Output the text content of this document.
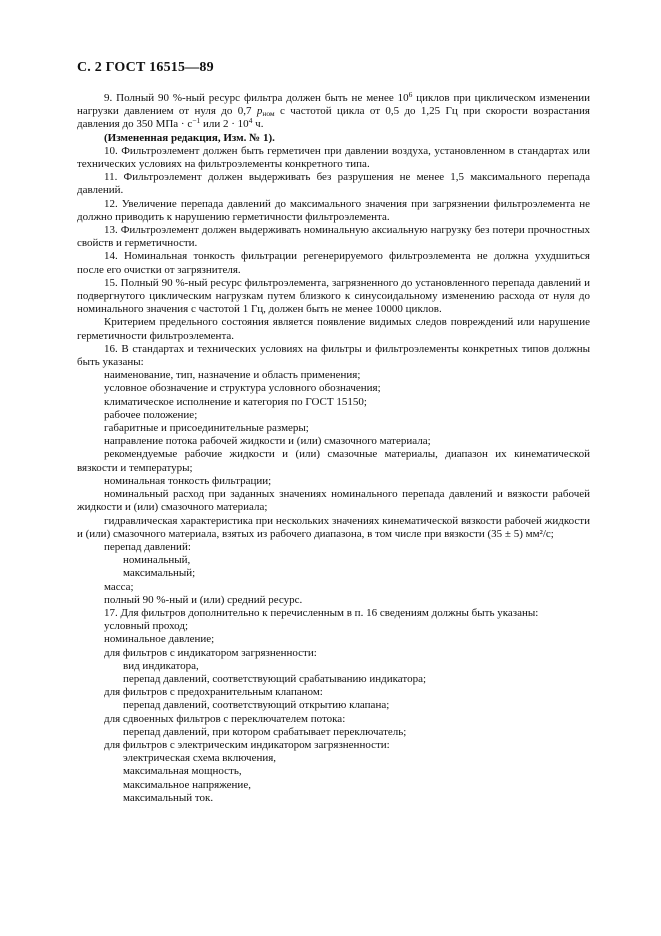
С. 2 ГОСТ 16515—89

9. Полный 90 %-ный ресурс фильтра должен быть не менее $10^6$ циклов при циклическом изменении нагрузки давлением от нуля до 0,7 $p_{ном}$ с частотой цикла от 0,5 до 1,25 Гц при скорости возрастания давления до 350 МПа · $с^{-1}$ или $2 \cdot 10^4$ ч.

(Измененная редакция, Изм. № 1).

10. Фильтроэлемент должен быть герметичен при давлении воздуха, установленном в стандартах или технических условиях на фильтроэлементы конкретного типа.

11. Фильтроэлемент должен выдерживать без разрушения не менее 1,5 максимального перепада давлений.

12. Увеличение перепада давлений до максимального значения при загрязнении фильтроэлемента не должно приводить к нарушению герметичности фильтроэлемента.

13. Фильтроэлемент должен выдерживать номинальную аксиальную нагрузку без потери прочностных свойств и герметичности.

14. Номинальная тонкость фильтрации регенерируемого фильтроэлемента не должна ухудшиться после его очистки от загрязнителя.

15. Полный 90 %-ный ресурс фильтроэлемента, загрязненного до установленного перепада давлений и подвергнутого циклическим нагрузкам путем близкого к синусоидальному изменению расхода от нуля до номинального значения с частотой 1 Гц, должен быть не менее 10000 циклов.

Критерием предельного состояния является появление видимых следов повреждений или нарушение герметичности фильтроэлемента.

16. В стандартах и технических условиях на фильтры и фильтроэлементы конкретных типов должны быть указаны:

наименование, тип, назначение и область применения;

условное обозначение и структура условного обозначения;

климатическое исполнение и категория по ГОСТ 15150;

рабочее положение;

габаритные и присоединительные размеры;

направление потока рабочей жидкости и (или) смазочного материала;

рекомендуемые рабочие жидкости и (или) смазочные материалы, диапазон их кинематической вязкости и температуры;

номинальная тонкость фильтрации;

номинальный расход при заданных значениях номинального перепада давлений и вязкости рабочей жидкости и (или) смазочного материала;

гидравлическая характеристика при нескольких значениях кинематической вязкости рабочей жидкости и (или) смазочного материала, взятых из рабочего диапазона, в том числе при вязкости (35 ± 5) мм²/с;

перепад давлений:

номинальный,

максимальный;

масса;

полный 90 %-ный и (или) средний ресурс.

17. Для фильтров дополнительно к перечисленным в п. 16 сведениям должны быть указаны:

условный проход;

номинальное давление;

для фильтров с индикатором загрязненности:

вид индикатора,

перепад давлений, соответствующий срабатыванию индикатора;

для фильтров с предохранительным клапаном:

перепад давлений, соответствующий открытию клапана;

для сдвоенных фильтров с переключателем потока:

перепад давлений, при котором срабатывает переключатель;

для фильтров с электрическим индикатором загрязненности:

электрическая схема включения,

максимальная мощность,

максимальное напряжение,

максимальный ток.
